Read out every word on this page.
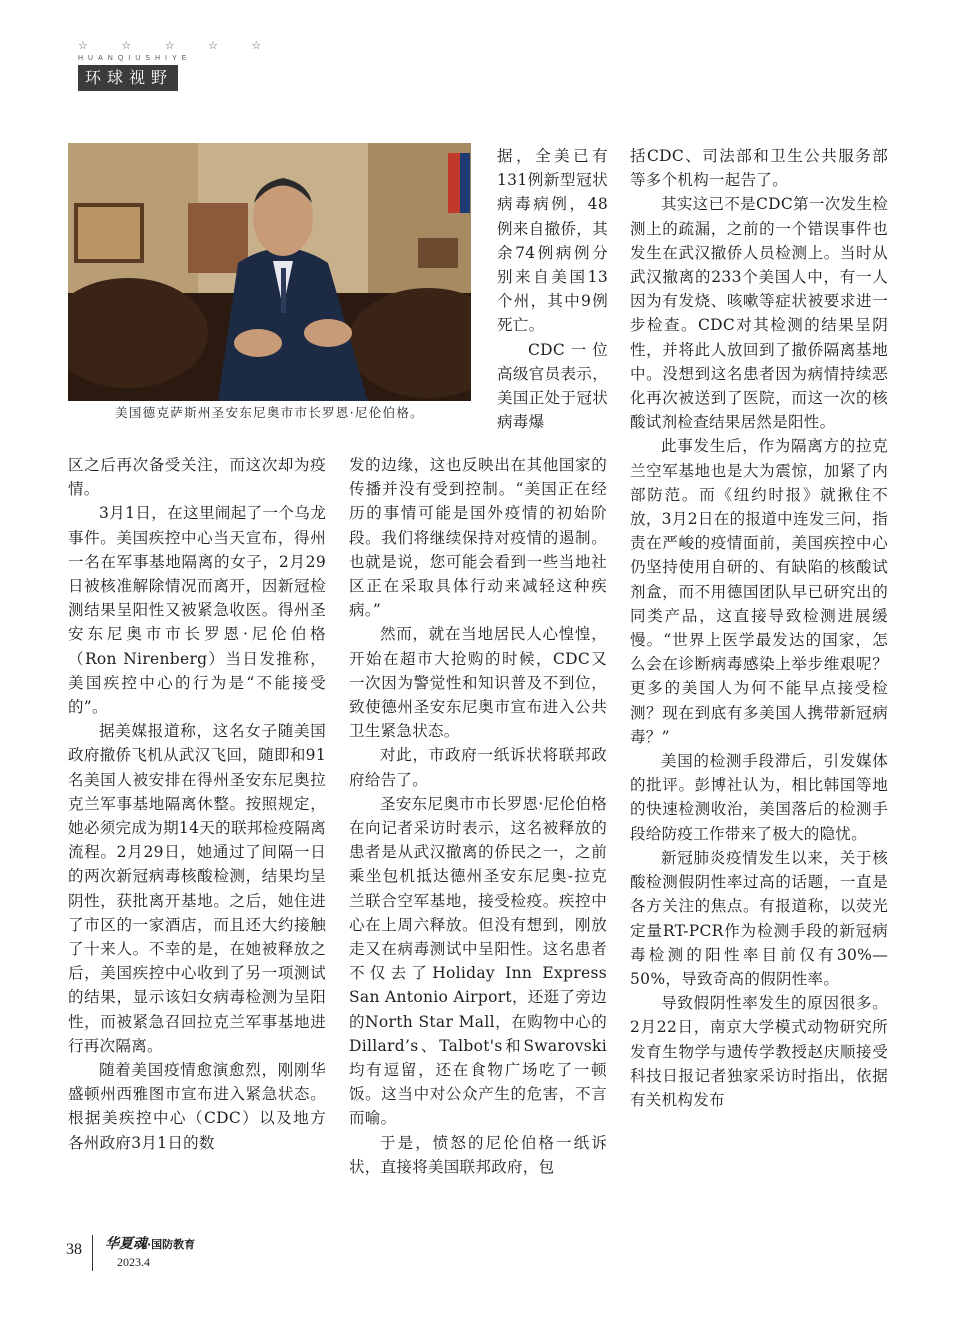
☆ ☆ ☆ ☆ ☆
HUANQIUSHIYE
环球视野
美国德克萨斯州圣安东尼奥市市长罗恩·尼伦伯格。

据，全美已有131例新型冠状病毒病例，48例来自撤侨，其余74例病例分别来自美国13个州，其中9例死亡。

CDC一位高级官员表示，美国正处于冠状病毒爆

区之后再次备受关注，而这次却为疫情。

3月1日，在这里闹起了一个乌龙事件。美国疾控中心当天宣布，得州一名在军事基地隔离的女子，2月29日被核准解除情况而离开，因新冠检测结果呈阳性又被紧急收医。得州圣安东尼奥市市长罗恩·尼伦伯格（Ron Nirenberg）当日发推称，美国疾控中心的行为是“不能接受的”。

据美媒报道称，这名女子随美国政府撤侨飞机从武汉飞回，随即和91名美国人被安排在得州圣安东尼奥拉克兰军事基地隔离休整。按照规定，她必须完成为期14天的联邦检疫隔离流程。2月29日，她通过了间隔一日的两次新冠病毒核酸检测，结果均呈阴性，获批离开基地。之后，她住进了市区的一家酒店，而且还大约接触了十来人。不幸的是，在她被释放之后，美国疾控中心收到了另一项测试的结果，显示该妇女病毒检测为呈阳性，而被紧急召回拉克兰军事基地进行再次隔离。

随着美国疫情愈演愈烈，刚刚华盛顿州西雅图市宣布进入紧急状态。根据美疾控中心（CDC）以及地方各州政府3月1日的数

发的边缘，这也反映出在其他国家的传播并没有受到控制。“美国正在经历的事情可能是国外疫情的初始阶段。我们将继续保持对疫情的遏制。也就是说，您可能会看到一些当地社区正在采取具体行动来减轻这种疾病。”

然而，就在当地居民人心惶惶，开始在超市大抢购的时候，CDC又一次因为警觉性和知识普及不到位，致使德州圣安东尼奥市宣布进入公共卫生紧急状态。

对此，市政府一纸诉状将联邦政府给告了。

圣安东尼奥市市长罗恩·尼伦伯格在向记者采访时表示，这名被释放的患者是从武汉撤离的侨民之一，之前乘坐包机抵达德州圣安东尼奥-拉克兰联合空军基地，接受检疫。疾控中心在上周六释放。但没有想到，刚放走又在病毒测试中呈阳性。这名患者不仅去了Holiday Inn Express San Antonio Airport，还逛了旁边的North Star Mall，在购物中心的Dillard’s、Talbot's和Swarovski均有逗留，还在食物广场吃了一顿饭。这当中对公众产生的危害，不言而喻。

于是，愤怒的尼伦伯格一纸诉状，直接将美国联邦政府，包

括CDC、司法部和卫生公共服务部等多个机构一起告了。

其实这已不是CDC第一次发生检测上的疏漏，之前的一个错误事件也发生在武汉撤侨人员检测上。当时从武汉撤离的233个美国人中，有一人因为有发烧、咳嗽等症状被要求进一步检查。CDC对其检测的结果呈阴性，并将此人放回到了撤侨隔离基地中。没想到这名患者因为病情持续恶化再次被送到了医院，而这一次的核酸试剂检查结果居然是阳性。

此事发生后，作为隔离方的拉克兰空军基地也是大为震惊，加紧了内部防范。而《纽约时报》就揪住不放，3月2日在的报道中连发三问，指责在严峻的疫情面前，美国疾控中心仍坚持使用自研的、有缺陷的核酸试剂盒，而不用德国团队早已研究出的同类产品，这直接导致检测进展缓慢。“世界上医学最发达的国家，怎么会在诊断病毒感染上举步维艰呢？更多的美国人为何不能早点接受检测？现在到底有多美国人携带新冠病毒？”

美国的检测手段滞后，引发媒体的批评。彭博社认为，相比韩国等地的快速检测收治，美国落后的检测手段给防疫工作带来了极大的隐忧。

新冠肺炎疫情发生以来，关于核酸检测假阴性率过高的话题，一直是各方关注的焦点。有报道称，以荧光定量RT-PCR作为检测手段的新冠病毒检测的阳性率目前仅有30%—50%，导致奇高的假阴性率。

导致假阴性率发生的原因很多。2月22日，南京大学模式动物研究所发育生物学与遗传学教授赵庆顺接受科技日报记者独家采访时指出，依据有关机构发布

38 华夏魂·国防教育
2023.4
